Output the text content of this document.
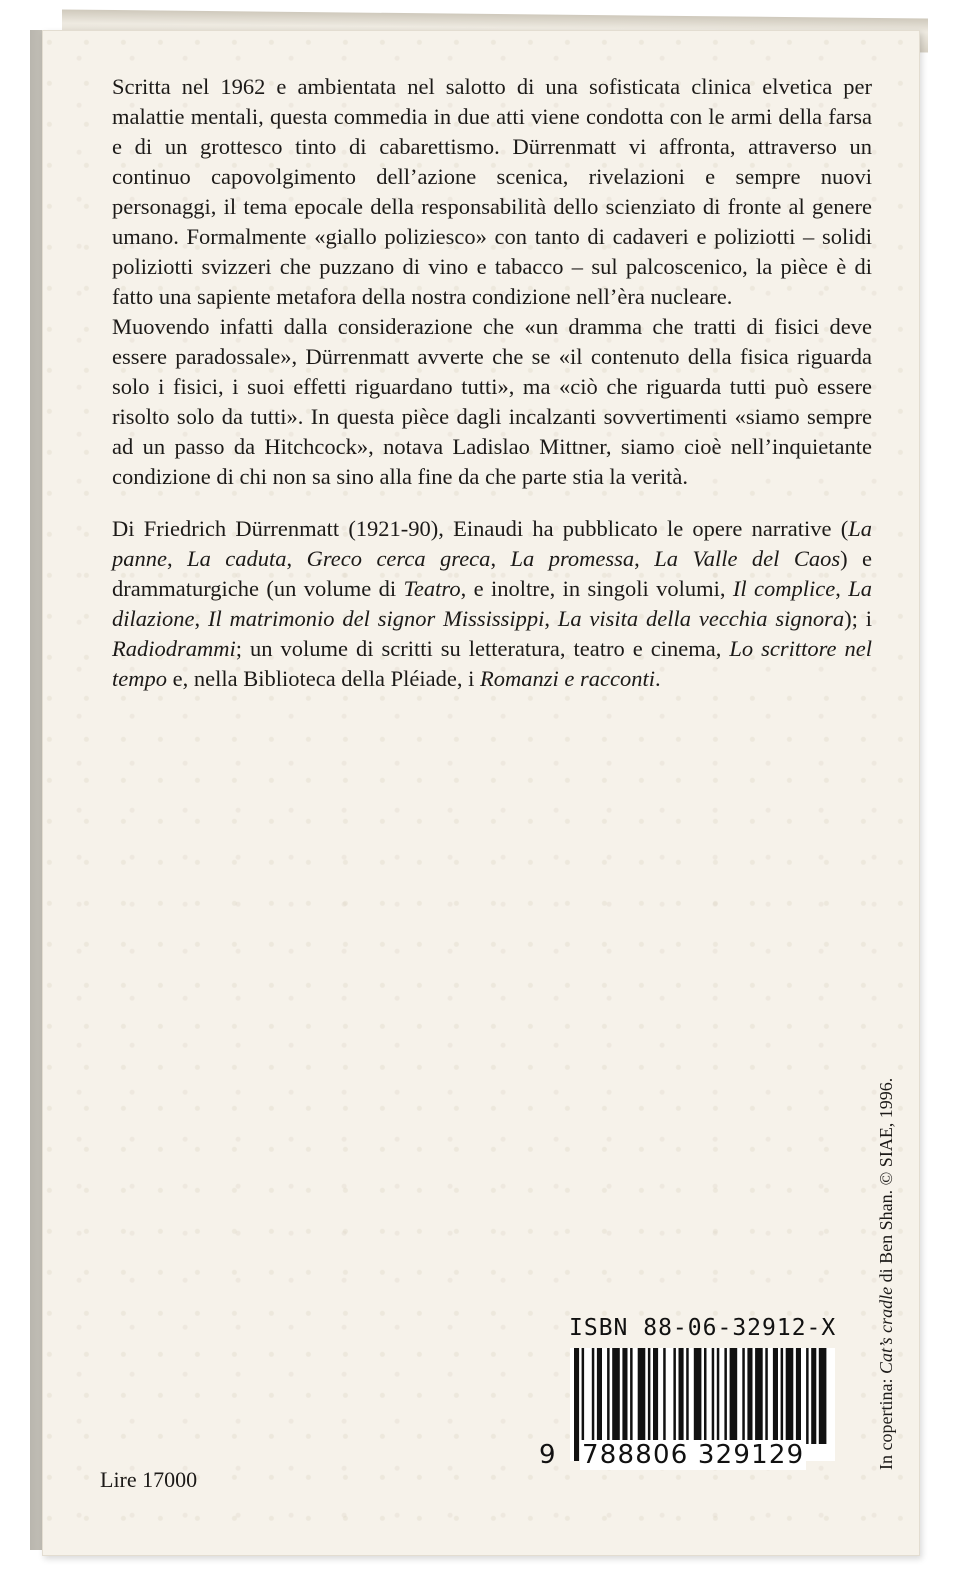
Scritta nel 1962 e ambientata nel salotto di una sofisticata clinica elvetica per malattie mentali, questa commedia in due atti viene condotta con le armi della farsa e di un grottesco tinto di cabarettismo. Dürrenmatt vi affronta, attraverso un continuo capovolgimento dell’azione scenica, rivelazioni e sempre nuovi personaggi, il tema epocale della responsabilità dello scienziato di fronte al genere umano. Formalmente «giallo poliziesco» con tanto di cadaveri e poliziotti – solidi poliziotti svizzeri che puzzano di vino e tabacco – sul palcoscenico, la pièce è di fatto una sapiente metafora della nostra condizione nell’èra nucleare.

Muovendo infatti dalla considerazione che «un dramma che tratti di fisici deve essere paradossale», Dürrenmatt avverte che se «il contenuto della fisica riguarda solo i fisici, i suoi effetti riguardano tutti», ma «ciò che riguarda tutti può essere risolto solo da tutti». In questa pièce dagli incalzanti sovvertimenti «siamo sempre ad un passo da Hitchcock», notava Ladislao Mittner, siamo cioè nell’inquietante condizione di chi non sa sino alla fine da che parte stia la verità.

Di Friedrich Dürrenmatt (1921-90), Einaudi ha pubblicato le opere narrative (La panne, La caduta, Greco cerca greca, La promessa, La Valle del Caos) e drammaturgiche (un volume di Teatro, e inoltre, in singoli volumi, Il complice, La dilazione, Il matrimonio del signor Mississippi, La visita della vecchia signora); i Radiodrammi; un volume di scritti su letteratura, teatro e cinema, Lo scrittore nel tempo e, nella Biblioteca della Pléiade, i Romanzi e racconti.

Lire 17000
In copertina: Cat’s cradle di Ben Shan. © SIAE, 1996.
ISBN 88-06-32912-X
9 788806 329129
